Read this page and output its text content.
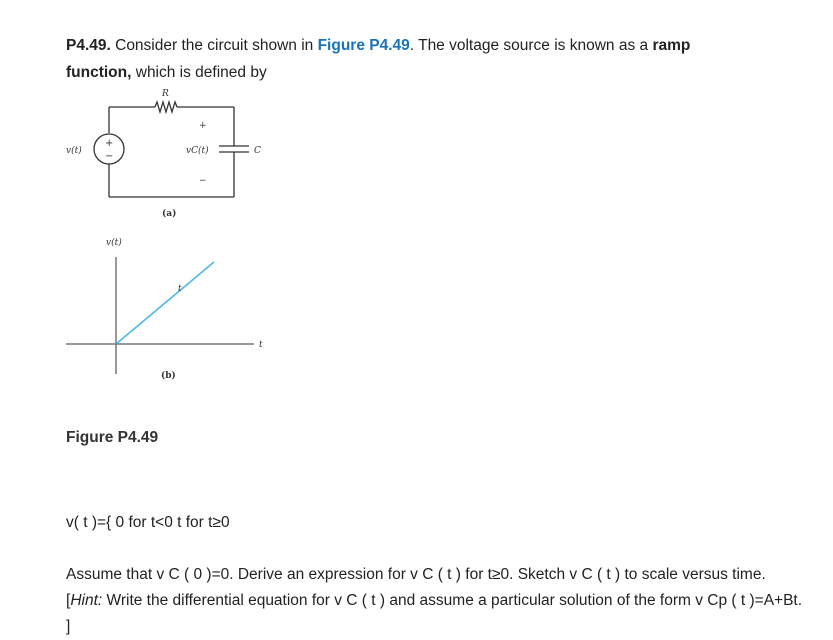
P4.49. Consider the circuit shown in Figure P4.49. The voltage source is known as a ramp
function, which is defined by
R
v(t)
+
−
+
vC(t)
−
C
(a)
v(t)
t
t
(b)
Figure P4.49
v( t )={ 0 for t<0 t for t≥0
Assume that v C ( 0 )=0. Derive an expression for v C ( t ) for t≥0. Sketch v C ( t ) to scale versus time. [Hint: Write the differential equation for v C ( t ) and assume a particular solution of the form v Cp ( t )=A+Bt. ]
